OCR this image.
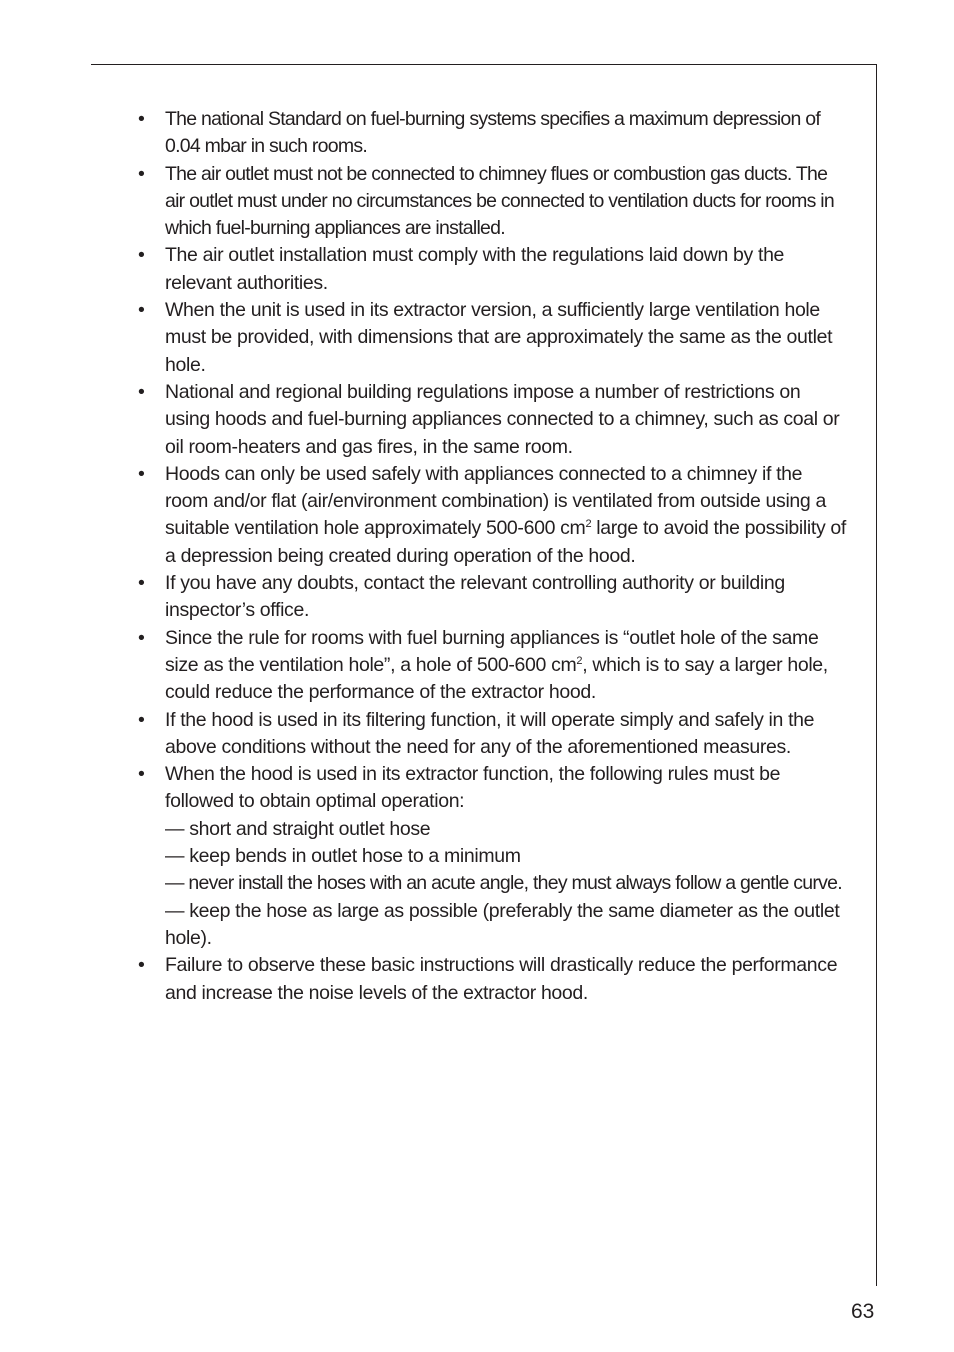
•	The national Standard on fuel-burning systems specifies a maximum depression of 0.04 mbar in such rooms.
•	The air outlet must not be connected to chimney flues or combustion gas ducts. The air outlet must under no circumstances be connected to ventilation ducts for rooms in which fuel-burning appliances are installed.
•	The air outlet installation must comply with the regulations laid down by the relevant authorities.
•	When the unit is used in its extractor version, a sufficiently large ventilation hole must be provided, with dimensions that are approximately the same as the outlet hole.
•	National and regional building regulations impose a number of restrictions on using hoods and fuel-burning appliances connected to a chimney, such as coal or oil room-heaters and gas fires, in the same room.
•	Hoods can only be used safely with appliances connected to a chimney if the room and/or flat (air/environment combination) is ventilated from outside using a suitable ventilation hole approximately 500-600 $cm^2$ large to avoid the possibility of a depression being created during operation of the hood.
•	If you have any doubts, contact the relevant controlling authority or building inspector’s office.
•	Since the rule for rooms with fuel burning appliances is “outlet hole of the same size as the ventilation hole”, a hole of 500-600 $cm^2$, which is to say a larger hole, could reduce the performance of the extractor hood.
•	If the hood is used in its filtering function, it will operate simply and safely in the above conditions without the need for any of the aforementioned measures.
•	When the hood is used in its extractor function, the following rules must be followed to obtain optimal operation:
— short and straight outlet hose
— keep bends in outlet hose to a minimum
— never install the hoses with an acute angle, they must always follow a gentle curve.
— keep the hose as large as possible (preferably the same diameter as the outlet hole).
•	Failure to observe these basic instructions will drastically reduce the performance and increase the noise levels of the extractor hood.
63
